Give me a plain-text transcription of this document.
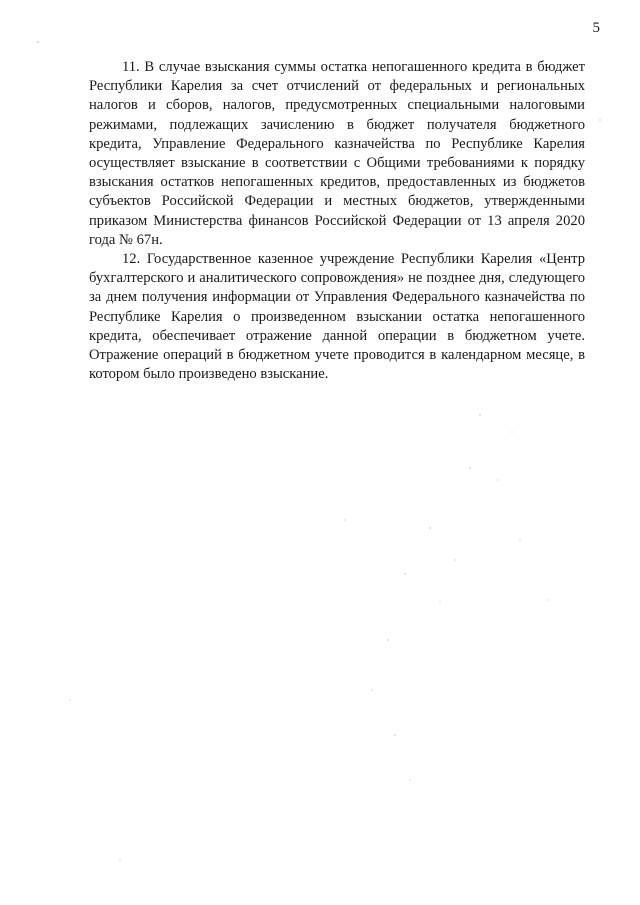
5

11. В случае взыскания суммы остатка непогашенного кредита в бюджет Республики Карелия за счет отчислений от федеральных и региональных налогов и сборов, налогов, предусмотренных специальными налоговыми режимами, подлежащих зачислению в бюджет получателя бюджетного кредита, Управление Федерального казначейства по Республике Карелия осуществляет взыскание в соответствии с Общими требованиями к порядку взыскания остатков непогашенных кредитов, предоставленных из бюджетов субъектов Российской Федерации и местных бюджетов, утвержденными приказом Министерства финансов Российской Федерации от 13 апреля 2020 года № 67н.

12. Государственное казенное учреждение Республики Карелия «Центр бухгалтерского и аналитического сопровождения» не позднее дня, следующего за днем получения информации от Управления Федерального казначейства по Республике Карелия о произведенном взыскании остатка непогашенного кредита, обеспечивает отражение данной операции в бюджетном учете. Отражение операций в бюджетном учете проводится в календарном месяце, в котором было произведено взыскание.
